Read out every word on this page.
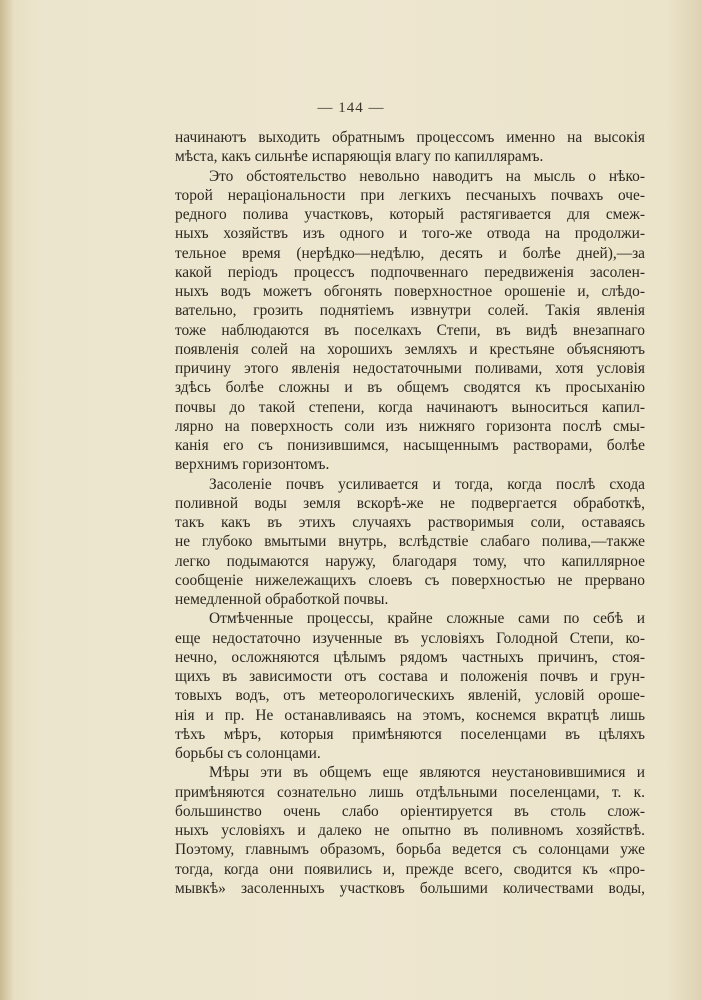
— 144 —
начинаютъ выходить обратнымъ процессомъ именно на высокія
мѣста, какъ сильнѣе испаряющія влагу по капиллярамъ.
Это обстоятельство невольно наводитъ на мысль о нѣко-
торой нераціональности при легкихъ песчаныхъ почвахъ оче-
редного полива участковъ, который растягивается для смеж-
ныхъ хозяйствъ изъ одного и того-же отвода на продолжи-
тельное время (нерѣдко—недѣлю, десять и болѣе дней),—за
какой періодъ процессъ подпочвеннаго передвиженія засолен-
ныхъ водъ можетъ обгонять поверхностное орошеніе и, слѣдо-
вательно, грозить поднятіемъ извнутри солей. Такія явленія
тоже наблюдаются въ поселкахъ Степи, въ видѣ внезапнаго
появленія солей на хорошихъ земляхъ и крестьяне объясняютъ
причину этого явленія недостаточными поливами, хотя условія
здѣсь болѣе сложны и въ общемъ сводятся къ просыханію
почвы до такой степени, когда начинаютъ выноситься капил-
лярно на поверхность соли изъ нижняго горизонта послѣ смы-
канія его съ понизившимся, насыщеннымъ растворами, болѣе
верхнимъ горизонтомъ.
Засоленіе почвъ усиливается и тогда, когда послѣ схода
поливной воды земля вскорѣ-же не подвергается обработкѣ,
такъ какъ въ этихъ случаяхъ растворимыя соли, оставаясь
не глубоко вмытыми внутрь, вслѣдствіе слабаго полива,—также
легко подымаются наружу, благодаря тому, что капиллярное
сообщеніе нижележащихъ слоевъ съ поверхностью не прервано
немедленной обработкой почвы.
Отмѣченные процессы, крайне сложные сами по себѣ и
еще недостаточно изученные въ условіяхъ Голодной Степи, ко-
нечно, осложняются цѣлымъ рядомъ частныхъ причинъ, стоя-
щихъ въ зависимости отъ состава и положенія почвъ и грун-
товыхъ водъ, отъ метеорологическихъ явленій, условій ороше-
нія и пр. Не останавливаясь на этомъ, коснемся вкратцѣ лишь
тѣхъ мѣръ, которыя примѣняются поселенцами въ цѣляхъ
борьбы съ солонцами.
Мѣры эти въ общемъ еще являются неустановившимися и
примѣняются сознательно лишь отдѣльными поселенцами, т. к.
большинство очень слабо оріентируется въ столь слож-
ныхъ условіяхъ и далеко не опытно въ поливномъ хозяйствѣ.
Поэтому, главнымъ образомъ, борьба ведется съ солонцами уже
тогда, когда они появились и, прежде всего, сводится къ «про-
мывкѣ» засоленныхъ участковъ большими количествами воды,
